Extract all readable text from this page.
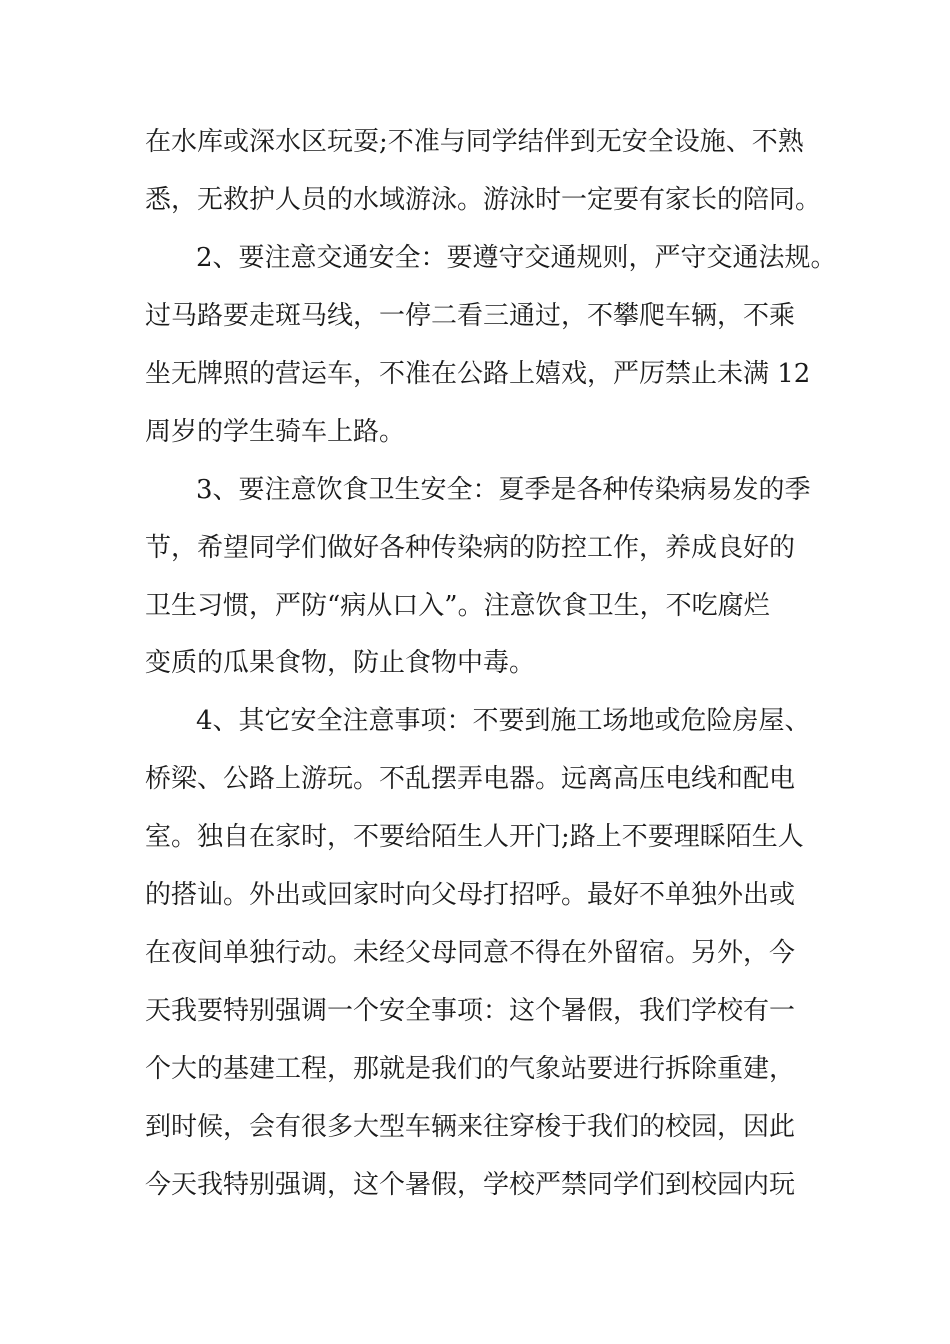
在水库或深水区玩耍;不准与同学结伴到无安全设施、不熟
悉，无救护人员的水域游泳。游泳时一定要有家长的陪同。
2、要注意交通安全：要遵守交通规则，严守交通法规。
过马路要走斑马线，一停二看三通过，不攀爬车辆，不乘
坐无牌照的营运车，不准在公路上嬉戏，严厉禁止未满 12
周岁的学生骑车上路。
3、要注意饮食卫生安全：夏季是各种传染病易发的季
节，希望同学们做好各种传染病的防控工作，养成良好的
卫生习惯，严防“病从口入”。注意饮食卫生，不吃腐烂
变质的瓜果食物，防止食物中毒。
4、其它安全注意事项：不要到施工场地或危险房屋、
桥梁、公路上游玩。不乱摆弄电器。远离高压电线和配电
室。独自在家时，不要给陌生人开门;路上不要理睬陌生人
的搭讪。外出或回家时向父母打招呼。最好不单独外出或
在夜间单独行动。未经父母同意不得在外留宿。另外，今
天我要特别强调一个安全事项：这个暑假，我们学校有一
个大的基建工程，那就是我们的气象站要进行拆除重建，
到时候，会有很多大型车辆来往穿梭于我们的校园，因此
今天我特别强调，这个暑假，学校严禁同学们到校园内玩
